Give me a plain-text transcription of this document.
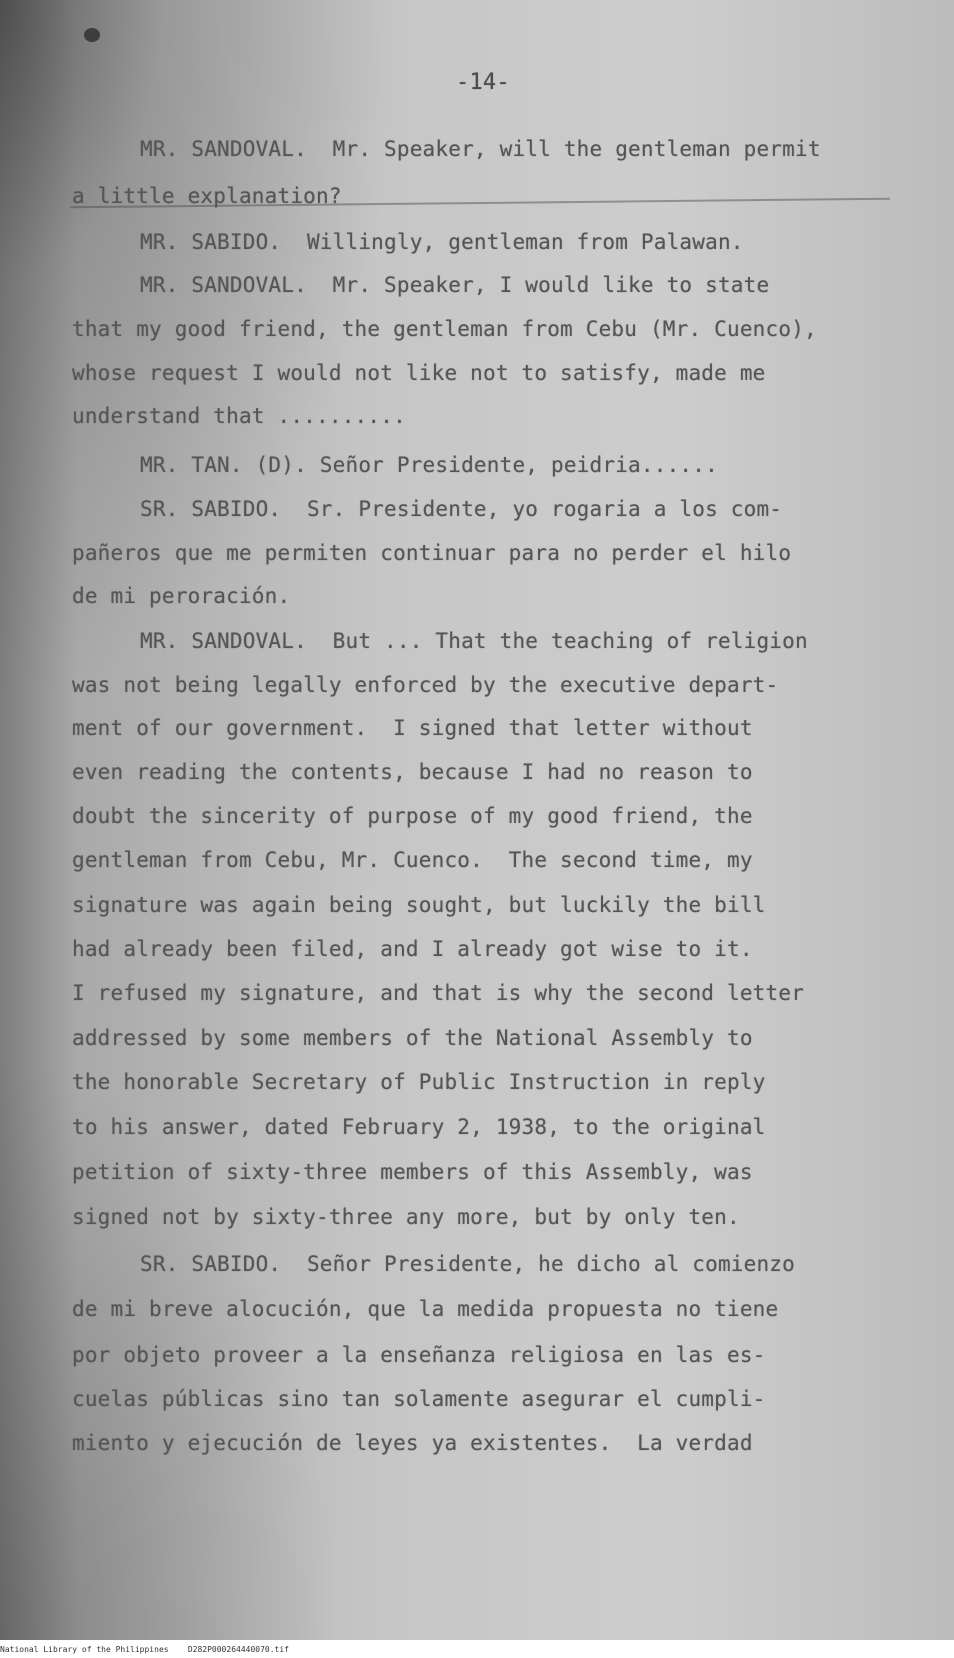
-14-

MR. SANDOVAL.  Mr. Speaker, will the gentleman permit

a little explanation?

MR. SABIDO.  Willingly, gentleman from Palawan.

MR. SANDOVAL.  Mr. Speaker, I would like to state

that my good friend, the gentleman from Cebu (Mr. Cuenco),

whose request I would not like not to satisfy, made me

understand that ..........

MR. TAN. (D). Señor Presidente, peidria......

SR. SABIDO.  Sr. Presidente, yo rogaria a los com-

pañeros que me permiten continuar para no perder el hilo

de mi peroración.

MR. SANDOVAL.  But ... That the teaching of religion

was not being legally enforced by the executive depart-

ment of our government.  I signed that letter without

even reading the contents, because I had no reason to

doubt the sincerity of purpose of my good friend, the

gentleman from Cebu, Mr. Cuenco.  The second time, my

signature was again being sought, but luckily the bill

had already been filed, and I already got wise to it.

I refused my signature, and that is why the second letter

addressed by some members of the National Assembly to

the honorable Secretary of Public Instruction in reply

to his answer, dated February 2, 1938, to the original

petition of sixty-three members of this Assembly, was

signed not by sixty-three any more, but by only ten.

SR. SABIDO.  Señor Presidente, he dicho al comienzo

de mi breve alocución, que la medida propuesta no tiene

por objeto proveer a la enseñanza religiosa en las es-

cuelas públicas sino tan solamente asegurar el cumpli-

miento y ejecución de leyes ya existentes.  La verdad

National Library of the Philippines    D282P000264440070.tif
